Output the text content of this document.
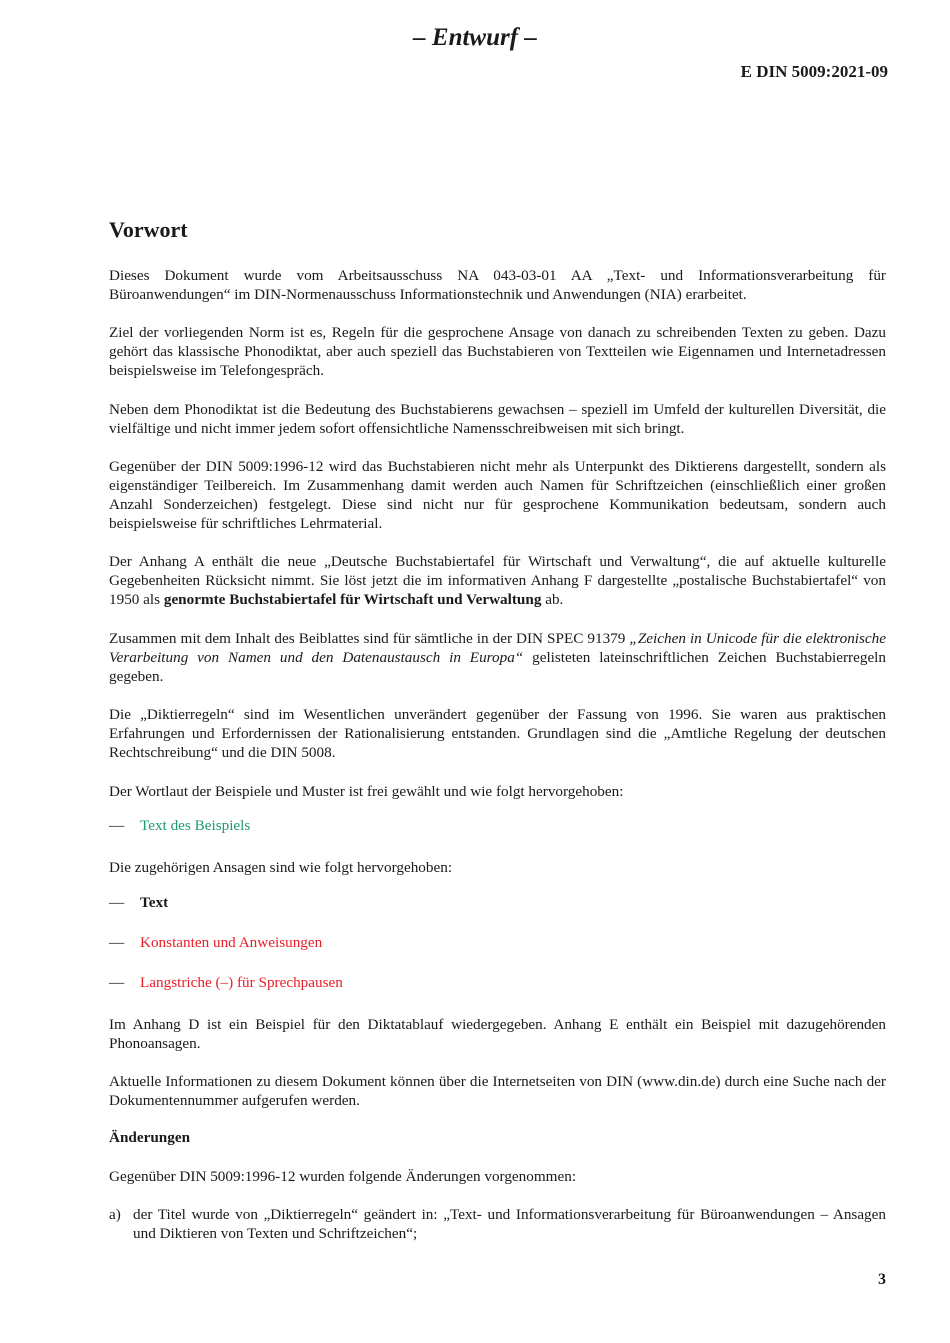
– Entwurf –
E DIN 5009:2021-09
Vorwort
Dieses Dokument wurde vom Arbeitsausschuss NA 043-03-01 AA „Text- und Informationsverarbeitung für Büroanwendungen“ im DIN-Normenausschuss Informationstechnik und Anwendungen (NIA) erarbeitet.
Ziel der vorliegenden Norm ist es, Regeln für die gesprochene Ansage von danach zu schreibenden Texten zu geben. Dazu gehört das klassische Phonodiktat, aber auch speziell das Buchstabieren von Textteilen wie Eigennamen und Internetadressen beispielsweise im Telefongespräch.
Neben dem Phonodiktat ist die Bedeutung des Buchstabierens gewachsen – speziell im Umfeld der kulturellen Diversität, die vielfältige und nicht immer jedem sofort offensichtliche Namensschreibweisen mit sich bringt.
Gegenüber der DIN 5009:1996-12 wird das Buchstabieren nicht mehr als Unterpunkt des Diktierens dargestellt, sondern als eigenständiger Teilbereich. Im Zusammenhang damit werden auch Namen für Schriftzeichen (einschließlich einer großen Anzahl Sonderzeichen) festgelegt. Diese sind nicht nur für gesprochene Kommunikation bedeutsam, sondern auch beispielsweise für schriftliches Lehrmaterial.
Der Anhang A enthält die neue „Deutsche Buchstabiertafel für Wirtschaft und Verwaltung“, die auf aktuelle kulturelle Gegebenheiten Rücksicht nimmt. Sie löst jetzt die im informativen Anhang F dargestellte „postalische Buchstabiertafel“ von 1950 als genormte Buchstabiertafel für Wirtschaft und Verwaltung ab.
Zusammen mit dem Inhalt des Beiblattes sind für sämtliche in der DIN SPEC 91379 „Zeichen in Unicode für die elektronische Verarbeitung von Namen und den Datenaustausch in Europa“ gelisteten lateinschriftlichen Zeichen Buchstabierregeln gegeben.
Die „Diktierregeln“ sind im Wesentlichen unverändert gegenüber der Fassung von 1996. Sie waren aus praktischen Erfahrungen und Erfordernissen der Rationalisierung entstanden. Grundlagen sind die „Amtliche Regelung der deutschen Rechtschreibung“ und die DIN 5008.
Der Wortlaut der Beispiele und Muster ist frei gewählt und wie folgt hervorgehoben:
— Text des Beispiels
Die zugehörigen Ansagen sind wie folgt hervorgehoben:
— Text
— Konstanten und Anweisungen
— Langstriche (–) für Sprechpausen
Im Anhang D ist ein Beispiel für den Diktatablauf wiedergegeben. Anhang E enthält ein Beispiel mit dazugehörenden Phonoansagen.
Aktuelle Informationen zu diesem Dokument können über die Internetseiten von DIN (www.din.de) durch eine Suche nach der Dokumentennummer aufgerufen werden.
Änderungen
Gegenüber DIN 5009:1996-12 wurden folgende Änderungen vorgenommen:
a) der Titel wurde von „Diktierregeln“ geändert in: „Text- und Informationsverarbeitung für Büroanwendungen – Ansagen und Diktieren von Texten und Schriftzeichen“;
3
